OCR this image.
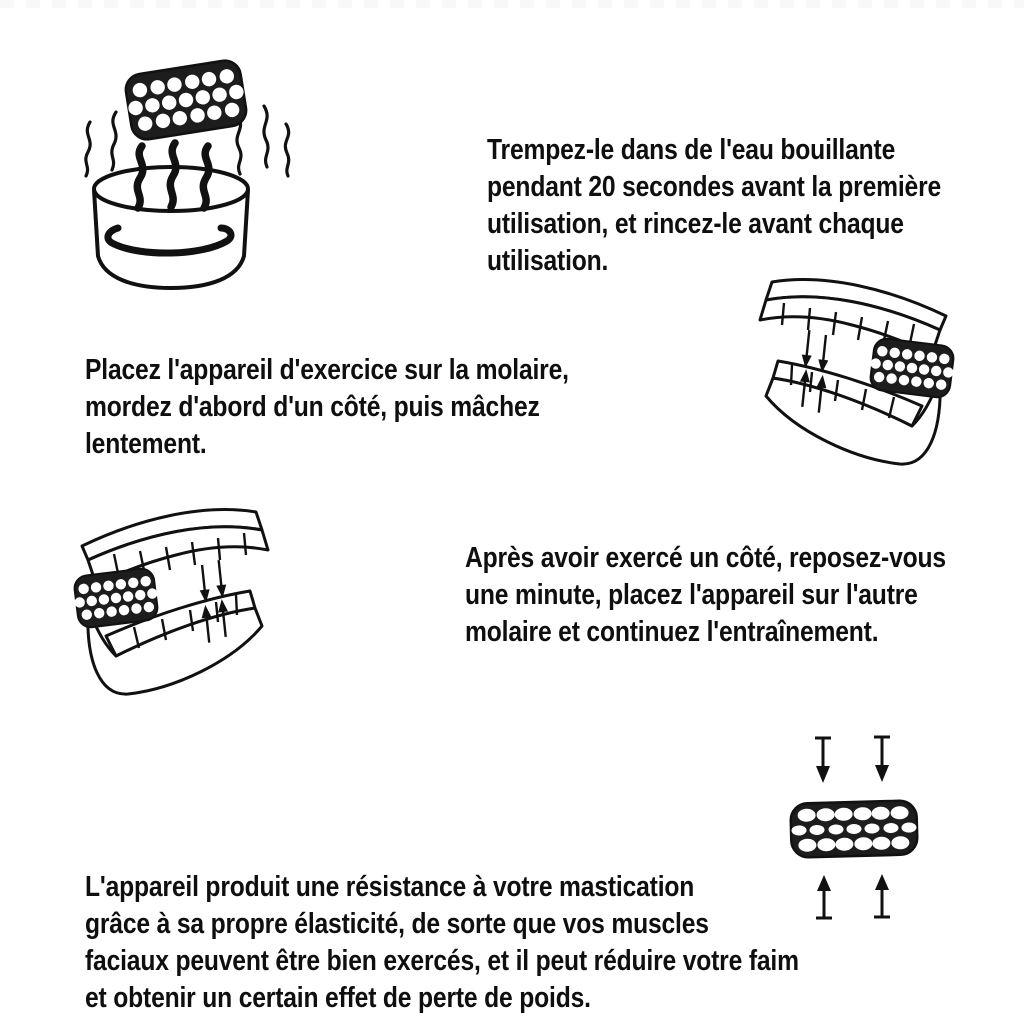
Trempez-le dans de l'eau bouillante
pendant 20 secondes avant la première
utilisation, et rincez-le avant chaque
utilisation.
Placez l'appareil d'exercice sur la molaire,
mordez d'abord d'un côté, puis mâchez
lentement.
Après avoir exercé un côté, reposez-vous
une minute, placez l'appareil sur l'autre
molaire et continuez l'entraînement.
L'appareil produit une résistance à votre mastication
grâce à sa propre élasticité, de sorte que vos muscles
faciaux peuvent être bien exercés, et il peut réduire votre faim
et obtenir un certain effet de perte de poids.
